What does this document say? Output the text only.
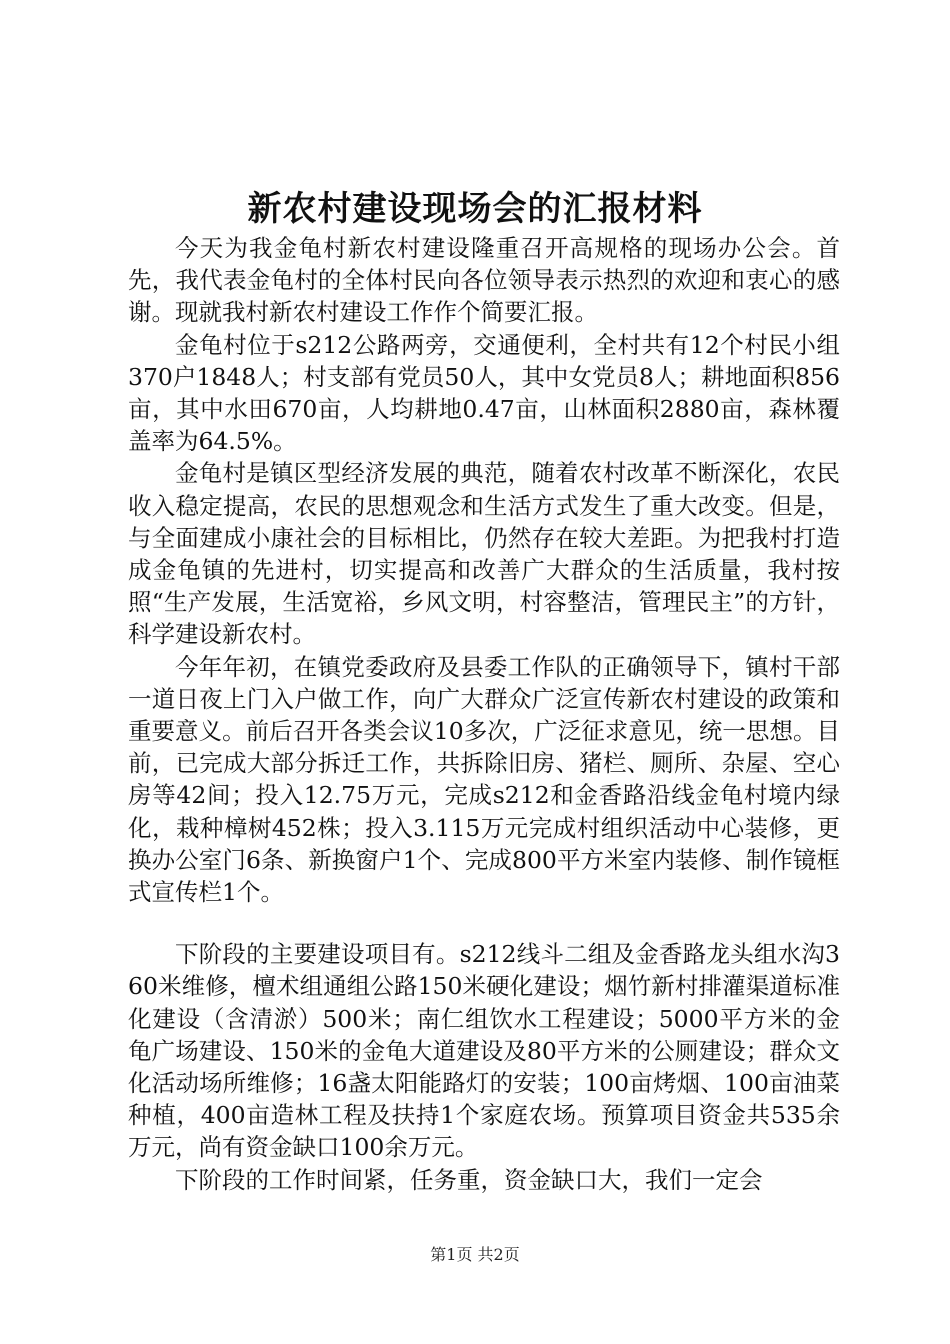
新农村建设现场会的汇报材料

今天为我金龟村新农村建设隆重召开高规格的现场办公会。首先，我代表金龟村的全体村民向各位领导表示热烈的欢迎和衷心的感谢。现就我村新农村建设工作作个简要汇报。

金龟村位于s212公路两旁，交通便利，全村共有12个村民小组370户1848人；村支部有党员50人，其中女党员8人；耕地面积856亩，其中水田670亩，人均耕地0.47亩，山林面积2880亩，森林覆盖率为64.5%。

金龟村是镇区型经济发展的典范，随着农村改革不断深化，农民收入稳定提高，农民的思想观念和生活方式发生了重大改变。但是，与全面建成小康社会的目标相比，仍然存在较大差距。为把我村打造成金龟镇的先进村，切实提高和改善广大群众的生活质量，我村按照“生产发展，生活宽裕，乡风文明，村容整洁，管理民主”的方针，科学建设新农村。

今年年初，在镇党委政府及县委工作队的正确领导下，镇村干部一道日夜上门入户做工作，向广大群众广泛宣传新农村建设的政策和重要意义。前后召开各类会议10多次，广泛征求意见，统一思想。目前，已完成大部分拆迁工作，共拆除旧房、猪栏、厕所、杂屋、空心房等42间；投入12.75万元，完成s212和金香路沿线金龟村境内绿化，栽种樟树452株；投入3.115万元完成村组织活动中心装修，更换办公室门6条、新换窗户1个、完成800平方米室内装修、制作镜框式宣传栏1个。

下阶段的主要建设项目有。s212线斗二组及金香路龙头组水沟360米维修，檀术组通组公路150米硬化建设；烟竹新村排灌渠道标准化建设（含清淤）500米；南仁组饮水工程建设；5000平方米的金龟广场建设、150米的金龟大道建设及80平方米的公厕建设；群众文化活动场所维修；16盏太阳能路灯的安装；100亩烤烟、100亩油菜种植，400亩造林工程及扶持1个家庭农场。预算项目资金共535余万元，尚有资金缺口100余万元。

下阶段的工作时间紧，任务重，资金缺口大，我们一定会

第1页 共2页
